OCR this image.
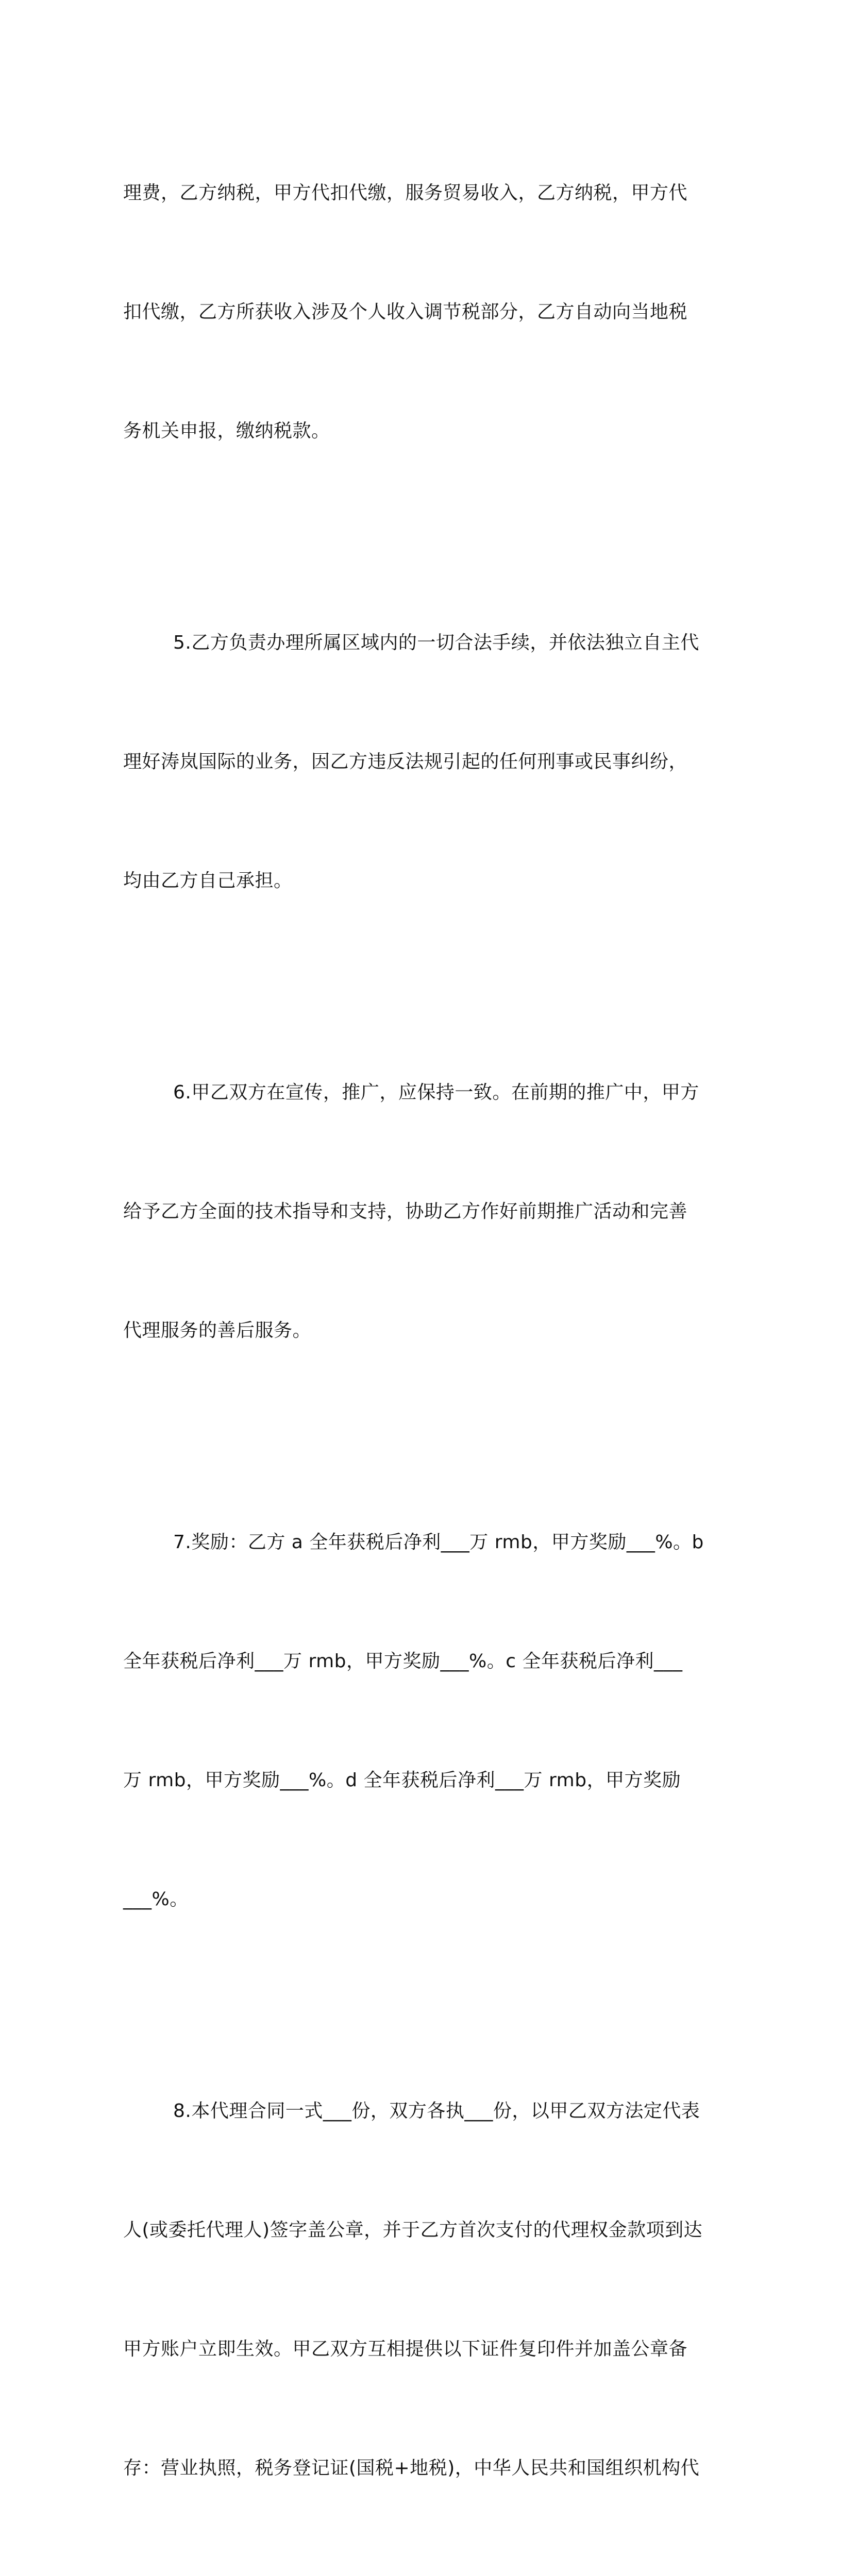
理费，乙方纳税，甲方代扣代缴，服务贸易收入，乙方纳税，甲方代

扣代缴，乙方所获收入涉及个人收入调节税部分，乙方自动向当地税

务机关申报，缴纳税款。

5.乙方负责办理所属区域内的一切合法手续，并依法独立自主代

理好涛岚国际的业务，因乙方违反法规引起的任何刑事或民事纠纷，

均由乙方自己承担。

6.甲乙双方在宣传，推广，应保持一致。在前期的推广中，甲方

给予乙方全面的技术指导和支持，协助乙方作好前期推广活动和完善

代理服务的善后服务。

7.奖励：乙方 a 全年获税后净利___万 rmb，甲方奖励___%。b

全年获税后净利___万 rmb，甲方奖励___%。c 全年获税后净利___

万 rmb，甲方奖励___%。d 全年获税后净利___万 rmb，甲方奖励

___%。

8.本代理合同一式___份，双方各执___份，以甲乙双方法定代表

人(或委托代理人)签字盖公章，并于乙方首次支付的代理权金款项到达

甲方账户立即生效。甲乙双方互相提供以下证件复印件并加盖公章备

存：营业执照，税务登记证(国税+地税)，中华人民共和国组织机构代
